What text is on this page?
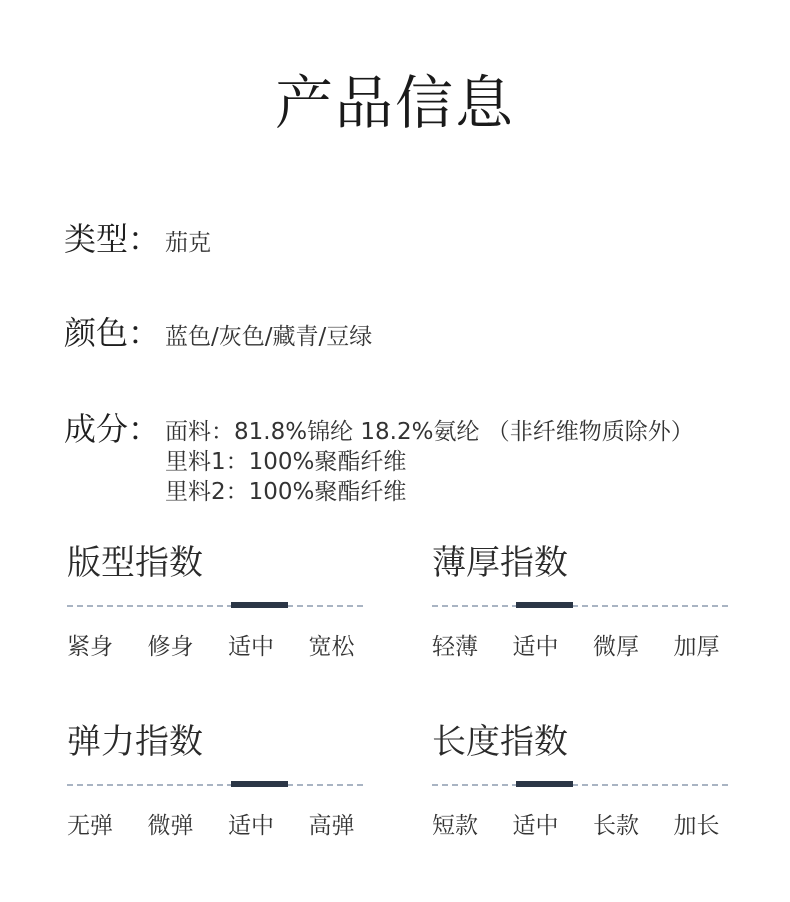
产品信息
类型： 茄克
颜色： 蓝色/灰色/藏青/豆绿
成分： 面料：81.8%锦纶 18.2%氨纶 （非纤维物质除外）
里料1：100%聚酯纤维
里料2：100%聚酯纤维
版型指数
紧身 修身 适中 宽松
薄厚指数
轻薄 适中 微厚 加厚
弹力指数
无弹 微弹 适中 高弹
长度指数
短款 适中 长款 加长
